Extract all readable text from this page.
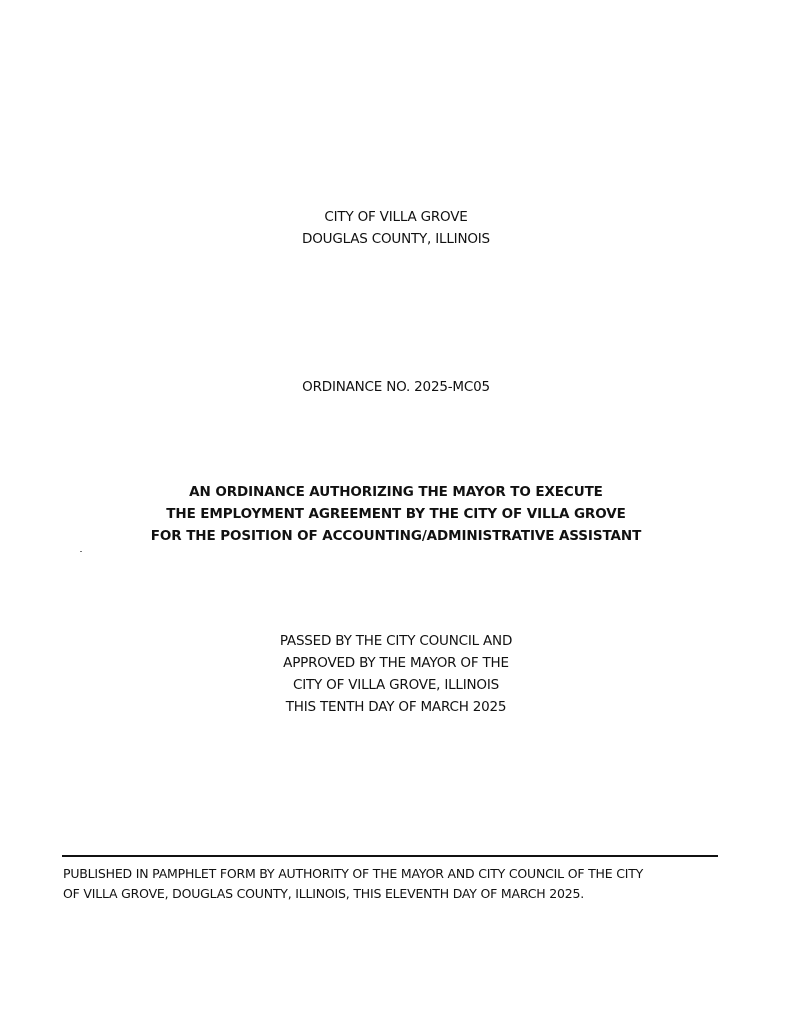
CITY OF VILLA GROVE
DOUGLAS COUNTY, ILLINOIS
ORDINANCE NO. 2025-MC05
AN ORDINANCE AUTHORIZING THE MAYOR TO EXECUTE
THE EMPLOYMENT AGREEMENT BY THE CITY OF VILLA GROVE
FOR THE POSITION OF ACCOUNTING/ADMINISTRATIVE ASSISTANT
PASSED BY THE CITY COUNCIL AND
APPROVED BY THE MAYOR OF THE
CITY OF VILLA GROVE, ILLINOIS
THIS TENTH DAY OF MARCH 2025
PUBLISHED IN PAMPHLET FORM BY AUTHORITY OF THE MAYOR AND CITY COUNCIL OF THE CITY
OF VILLA GROVE, DOUGLAS COUNTY, ILLINOIS, THIS ELEVENTH DAY OF MARCH 2025.
